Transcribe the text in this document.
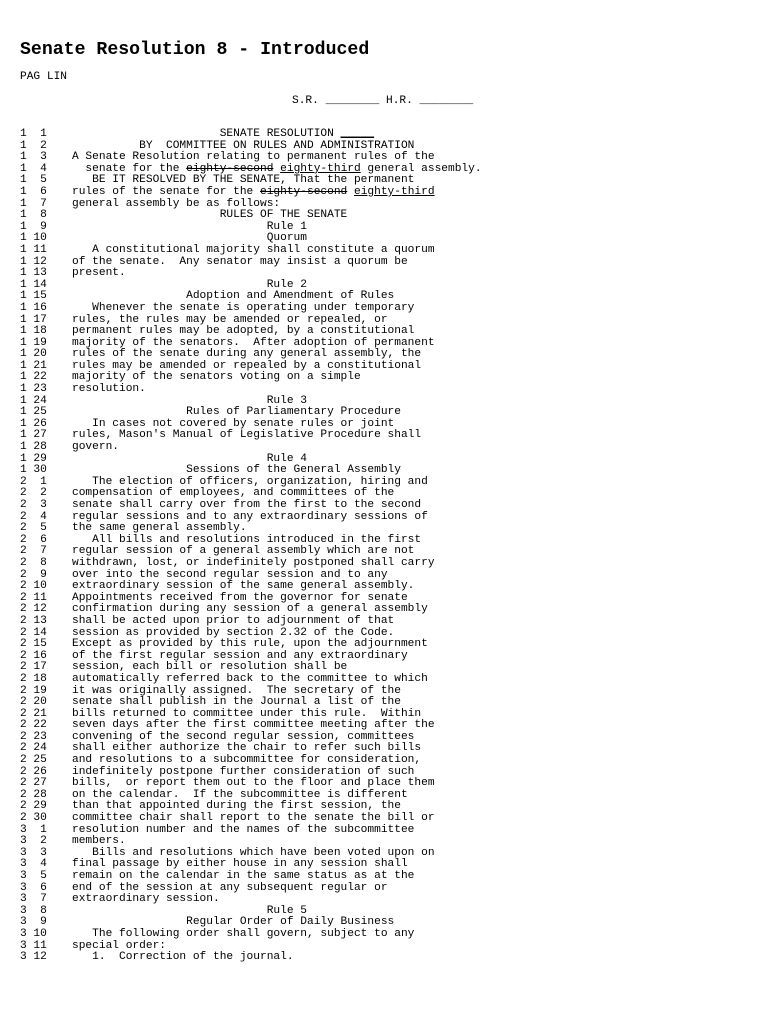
Senate Resolution 8 - Introduced
PAG LIN
S.R. ________ H.R. ________
1  1                      SENATE RESOLUTION _____
1  2          BY  COMMITTEE ON RULES AND ADMINISTRATION
1  3 A Senate Resolution relating to permanent rules of the
1  4  senate for the eighty-second eighty-third general assembly.
1  5   BE IT RESOLVED BY THE SENATE, That the permanent
1  6 rules of the senate for the eighty-second eighty-third
1  7 general assembly be as follows:
1  8                      RULES OF THE SENATE
1  9                             Rule 1
1 10                             Quorum
1 11   A constitutional majority shall constitute a quorum
1 12 of the senate.  Any senator may insist a quorum be
1 13 present.
1 14                             Rule 2
1 15                 Adoption and Amendment of Rules
1 16   Whenever the senate is operating under temporary
1 17 rules, the rules may be amended or repealed, or
1 18 permanent rules may be adopted, by a constitutional
1 19 majority of the senators.  After adoption of permanent
1 20 rules of the senate during any general assembly, the
1 21 rules may be amended or repealed by a constitutional
1 22 majority of the senators voting on a simple
1 23 resolution.
1 24                             Rule 3
1 25                 Rules of Parliamentary Procedure
1 26   In cases not covered by senate rules or joint
1 27 rules, Mason's Manual of Legislative Procedure shall
1 28 govern.
1 29                             Rule 4
1 30                 Sessions of the General Assembly
2  1   The election of officers, organization, hiring and
2  2 compensation of employees, and committees of the
2  3 senate shall carry over from the first to the second
2  4 regular sessions and to any extraordinary sessions of
2  5 the same general assembly.
2  6   All bills and resolutions introduced in the first
2  7 regular session of a general assembly which are not
2  8 withdrawn, lost, or indefinitely postponed shall carry
2  9 over into the second regular session and to any
2 10 extraordinary session of the same general assembly.
2 11 Appointments received from the governor for senate
2 12 confirmation during any session of a general assembly
2 13 shall be acted upon prior to adjournment of that
2 14 session as provided by section 2.32 of the Code.
2 15 Except as provided by this rule, upon the adjournment
2 16 of the first regular session and any extraordinary
2 17 session, each bill or resolution shall be
2 18 automatically referred back to the committee to which
2 19 it was originally assigned.  The secretary of the
2 20 senate shall publish in the Journal a list of the
2 21 bills returned to committee under this rule.  Within
2 22 seven days after the first committee meeting after the
2 23 convening of the second regular session, committees
2 24 shall either authorize the chair to refer such bills
2 25 and resolutions to a subcommittee for consideration,
2 26 indefinitely postpone further consideration of such
2 27 bills,  or report them out to the floor and place them
2 28 on the calendar.  If the subcommittee is different
2 29 than that appointed during the first session, the
2 30 committee chair shall report to the senate the bill or
3  1 resolution number and the names of the subcommittee
3  2 members.
3  3   Bills and resolutions which have been voted upon on
3  4 final passage by either house in any session shall
3  5 remain on the calendar in the same status as at the
3  6 end of the session at any subsequent regular or
3  7 extraordinary session.
3  8                             Rule 5
3  9                 Regular Order of Daily Business
3 10   The following order shall govern, subject to any
3 11 special order:
3 12   1.  Correction of the journal.
